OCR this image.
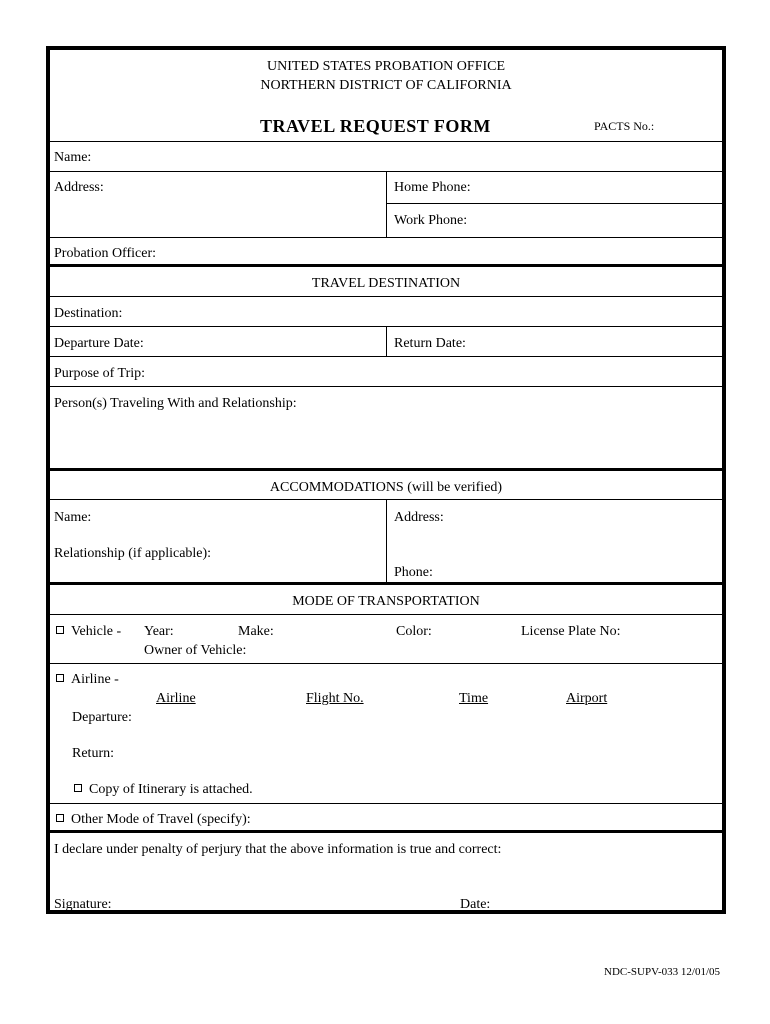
UNITED STATES PROBATION OFFICE
NORTHERN DISTRICT OF CALIFORNIA
TRAVEL REQUEST FORM	PACTS No.:
Name:
Address:	Home Phone:
Work Phone:
Probation Officer:
TRAVEL DESTINATION
Destination:
Departure Date:	Return Date:
Purpose of Trip:
Person(s) Traveling With and Relationship:
ACCOMMODATIONS (will be verified)
Name:	Address:
Relationship (if applicable):
Phone:
MODE OF TRANSPORTATION
Vehicle - Year:	Make:	Color:	License Plate No:
Owner of Vehicle:
Airline -
Airline	Flight No.	Time	Airport
Departure:
Return:
Copy of Itinerary is attached.
Other Mode of Travel (specify):
I declare under penalty of perjury that the above information is true and correct:
Signature:	Date:
NDC-SUPV-033 12/01/05
